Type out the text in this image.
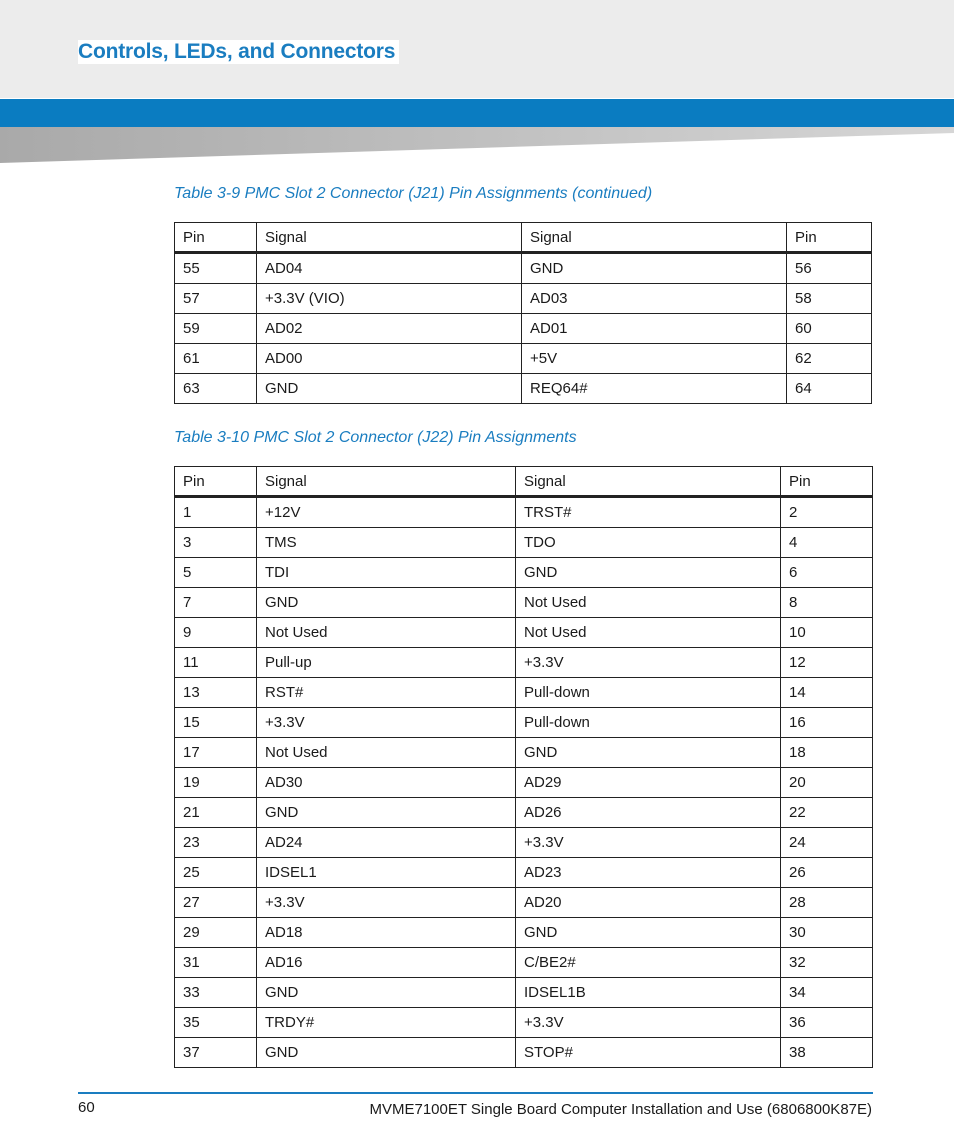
Controls, LEDs, and Connectors

Table 3-9 PMC Slot 2 Connector (J21) Pin Assignments (continued)

Pin	Signal	Signal	Pin
55	AD04	GND	56
57	+3.3V (VIO)	AD03	58
59	AD02	AD01	60
61	AD00	+5V	62
63	GND	REQ64#	64

Table 3-10 PMC Slot 2 Connector (J22) Pin Assignments

Pin	Signal	Signal	Pin
1	+12V	TRST#	2
3	TMS	TDO	4
5	TDI	GND	6
7	GND	Not Used	8
9	Not Used	Not Used	10
11	Pull-up	+3.3V	12
13	RST#	Pull-down	14
15	+3.3V	Pull-down	16
17	Not Used	GND	18
19	AD30	AD29	20
21	GND	AD26	22
23	AD24	+3.3V	24
25	IDSEL1	AD23	26
27	+3.3V	AD20	28
29	AD18	GND	30
31	AD16	C/BE2#	32
33	GND	IDSEL1B	34
35	TRDY#	+3.3V	36
37	GND	STOP#	38
60	MVME7100ET Single Board Computer Installation and Use (6806800K87E)
